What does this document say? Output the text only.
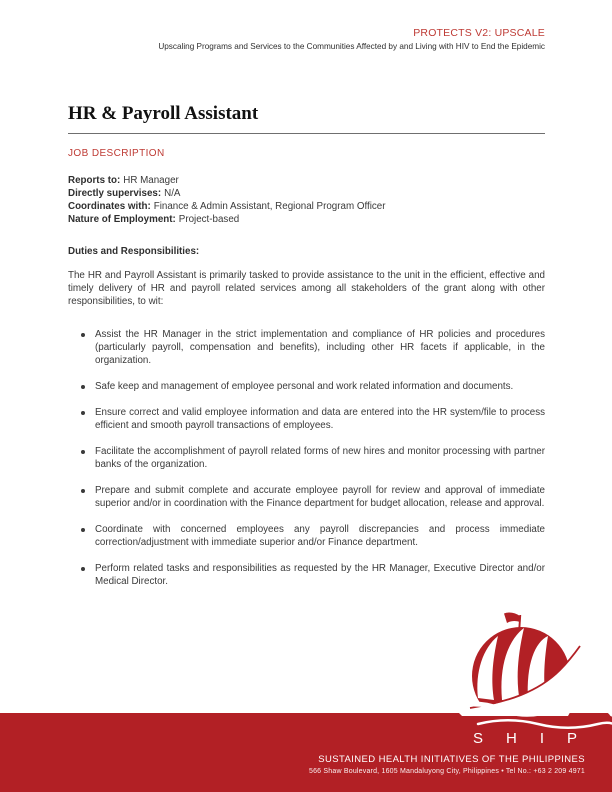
PROTECTS V2: UPSCALE
Upscaling Programs and Services to the Communities Affected by and Living with HIV to End the Epidemic
HR & Payroll Assistant
JOB DESCRIPTION
Reports to: HR Manager
Directly supervises: N/A
Coordinates with: Finance & Admin Assistant, Regional Program Officer
Nature of Employment: Project-based
Duties and Responsibilities:

The HR and Payroll Assistant is primarily tasked to provide assistance to the unit in the efficient, effective and timely delivery of HR and payroll related services among all stakeholders of the grant along with other responsibilities, to wit:

Assist the HR Manager in the strict implementation and compliance of HR policies and procedures (particularly payroll, compensation and benefits), including other HR facets if applicable, in the organization.
Safe keep and management of employee personal and work related information and documents.
Ensure correct and valid employee information and data are entered into the HR system/file to process efficient and smooth payroll transactions of employees.
Facilitate the accomplishment of payroll related forms of new hires and monitor processing with partner banks of the organization.
Prepare and submit complete and accurate employee payroll for review and approval of immediate superior and/or in coordination with the Finance department for budget allocation, release and approval.
Coordinate with concerned employees any payroll discrepancies and process immediate correction/adjustment with immediate superior and/or Finance department.
Perform related tasks and responsibilities as requested by the HR Manager, Executive Director and/or Medical Director.
SHIP
SUSTAINED HEALTH INITIATIVES OF THE PHILIPPINES
566 Shaw Boulevard, 1605 Mandaluyong City, Philippines • Tel No.: +63 2 209 4971
